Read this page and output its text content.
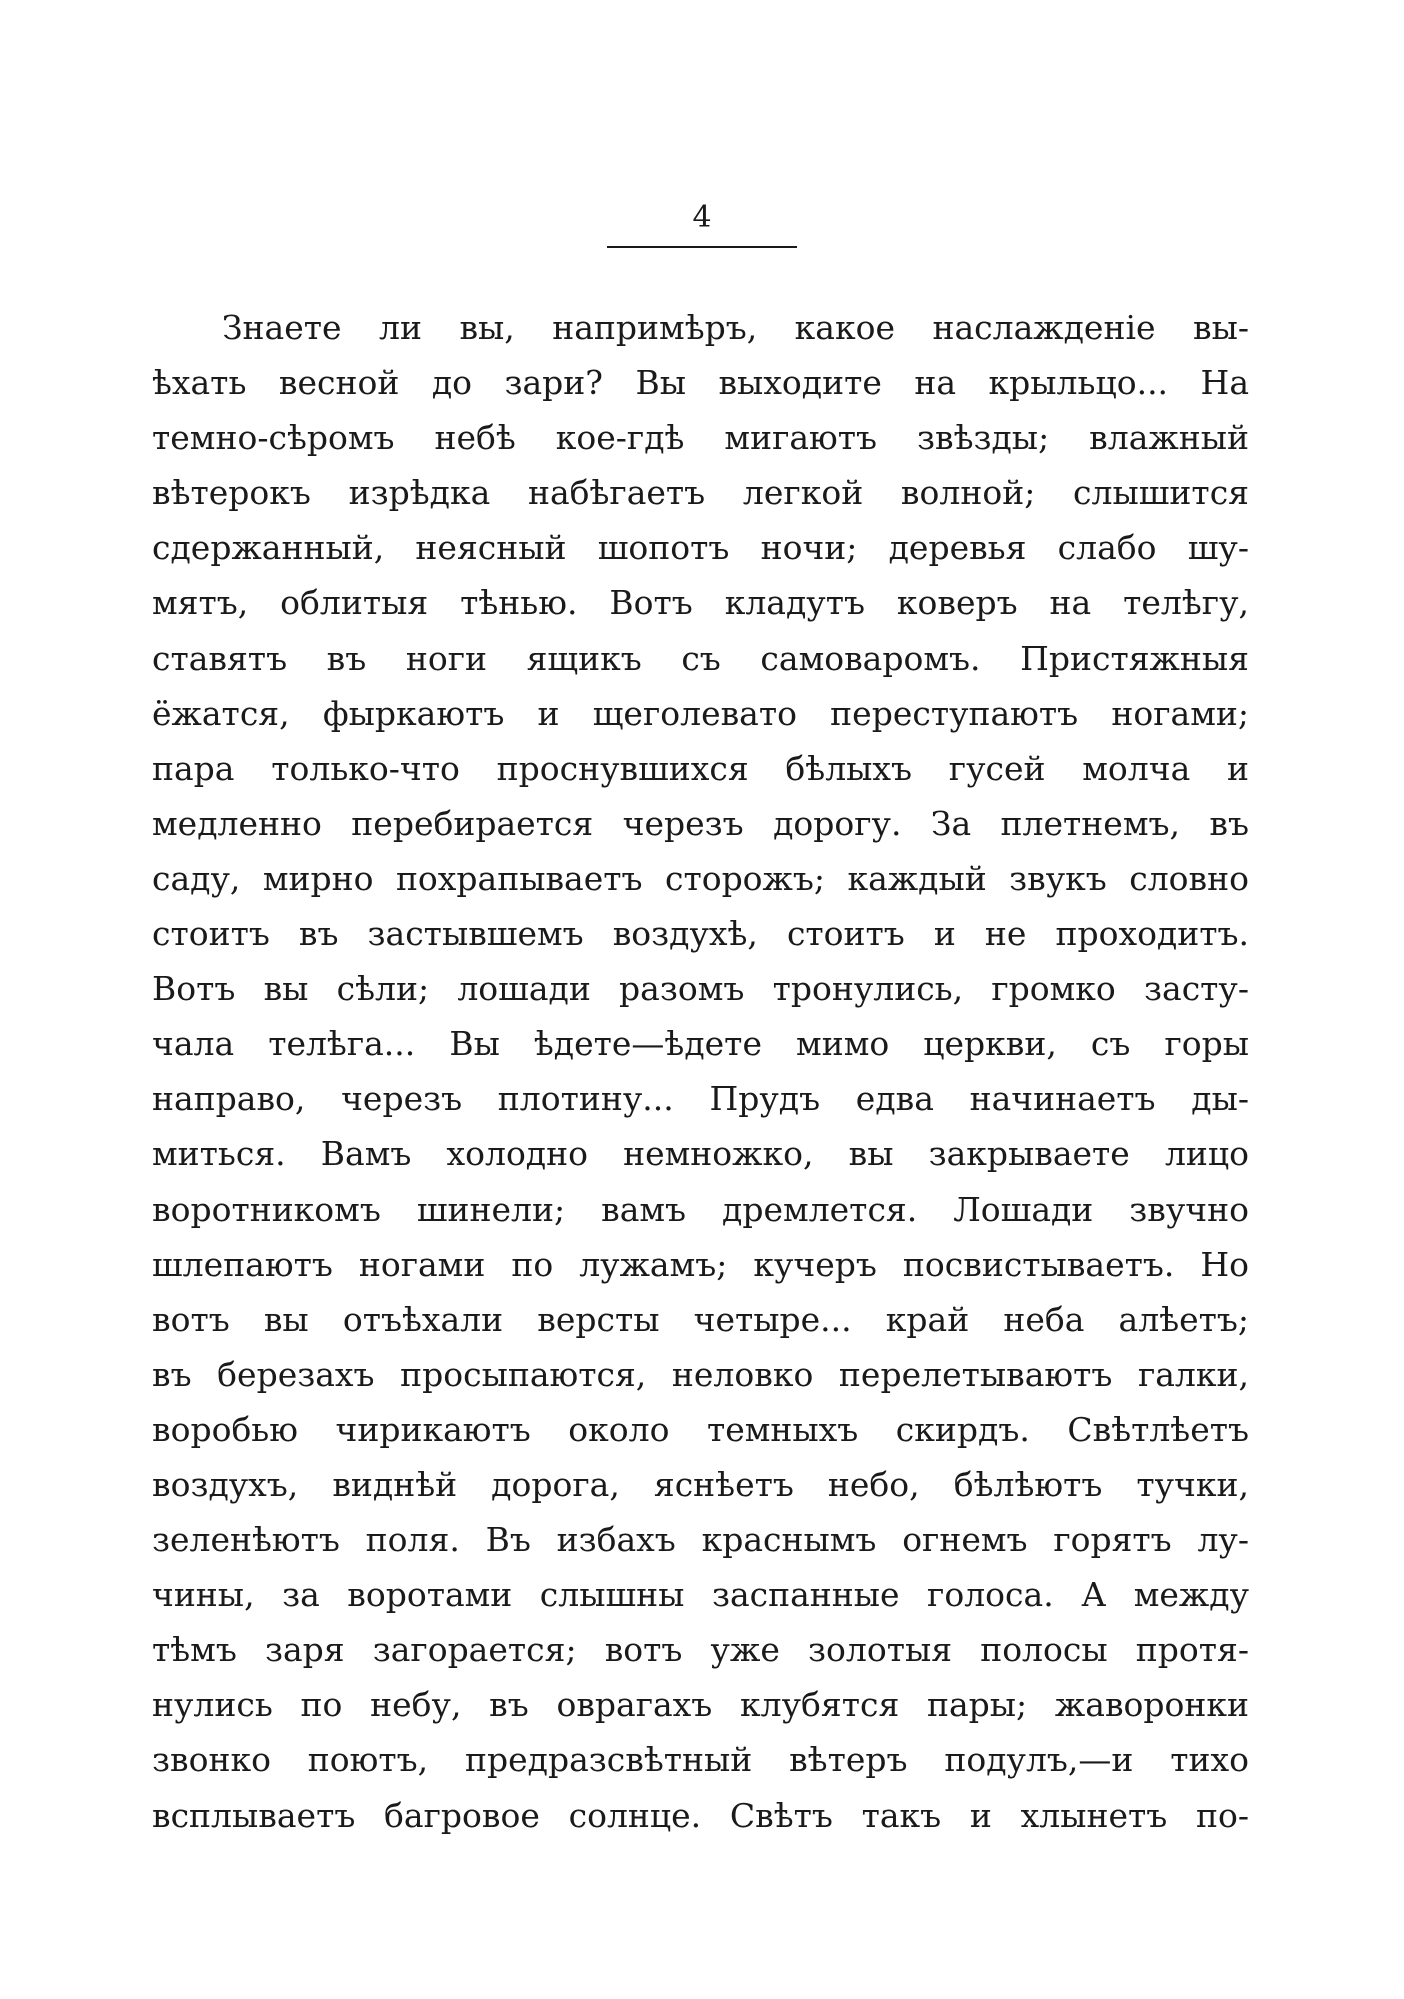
4
Знаете ли вы, напримѣръ, какое наслажденіе вы-
ѣхать весной до зари? Вы выходите на крыльцо... На
темно-сѣромъ небѣ кое-гдѣ мигаютъ звѣзды; влажный
вѣтерокъ изрѣдка набѣгаетъ легкой волной; слышится
сдержанный, неясный шопотъ ночи; деревья слабо шу-
мятъ, облитыя тѣнью. Вотъ кладутъ коверъ на телѣгу,
ставятъ въ ноги ящикъ съ самоваромъ. Пристяжныя
ёжатся, фыркаютъ и щеголевато переступаютъ ногами;
пара только-что проснувшихся бѣлыхъ гусей молча и
медленно перебирается черезъ дорогу. За плетнемъ, въ
саду, мирно похрапываетъ сторожъ; каждый звукъ словно
стоитъ въ застывшемъ воздухѣ, стоитъ и не проходитъ.
Вотъ вы сѣли; лошади разомъ тронулись, громко засту-
чала телѣга... Вы ѣдете—ѣдете мимо церкви, съ горы
направо, черезъ плотину... Прудъ едва начинаетъ ды-
миться. Вамъ холодно немножко, вы закрываете лицо
воротникомъ шинели; вамъ дремлется. Лошади звучно
шлепаютъ ногами по лужамъ; кучеръ посвистываетъ. Но
вотъ вы отъѣхали версты четыре... край неба алѣетъ;
въ березахъ просыпаются, неловко перелетываютъ галки,
воробью чирикаютъ около темныхъ скирдъ. Свѣтлѣетъ
воздухъ, виднѣй дорога, яснѣетъ небо, бѣлѣютъ тучки,
зеленѣютъ поля. Въ избахъ краснымъ огнемъ горятъ лу-
чины, за воротами слышны заспанные голоса. А между
тѣмъ заря загорается; вотъ уже золотыя полосы протя-
нулись по небу, въ оврагахъ клубятся пары; жаворонки
звонко поютъ, предразсвѣтный вѣтеръ подулъ,—и тихо
всплываетъ багровое солнце. Свѣтъ такъ и хлынетъ по-
